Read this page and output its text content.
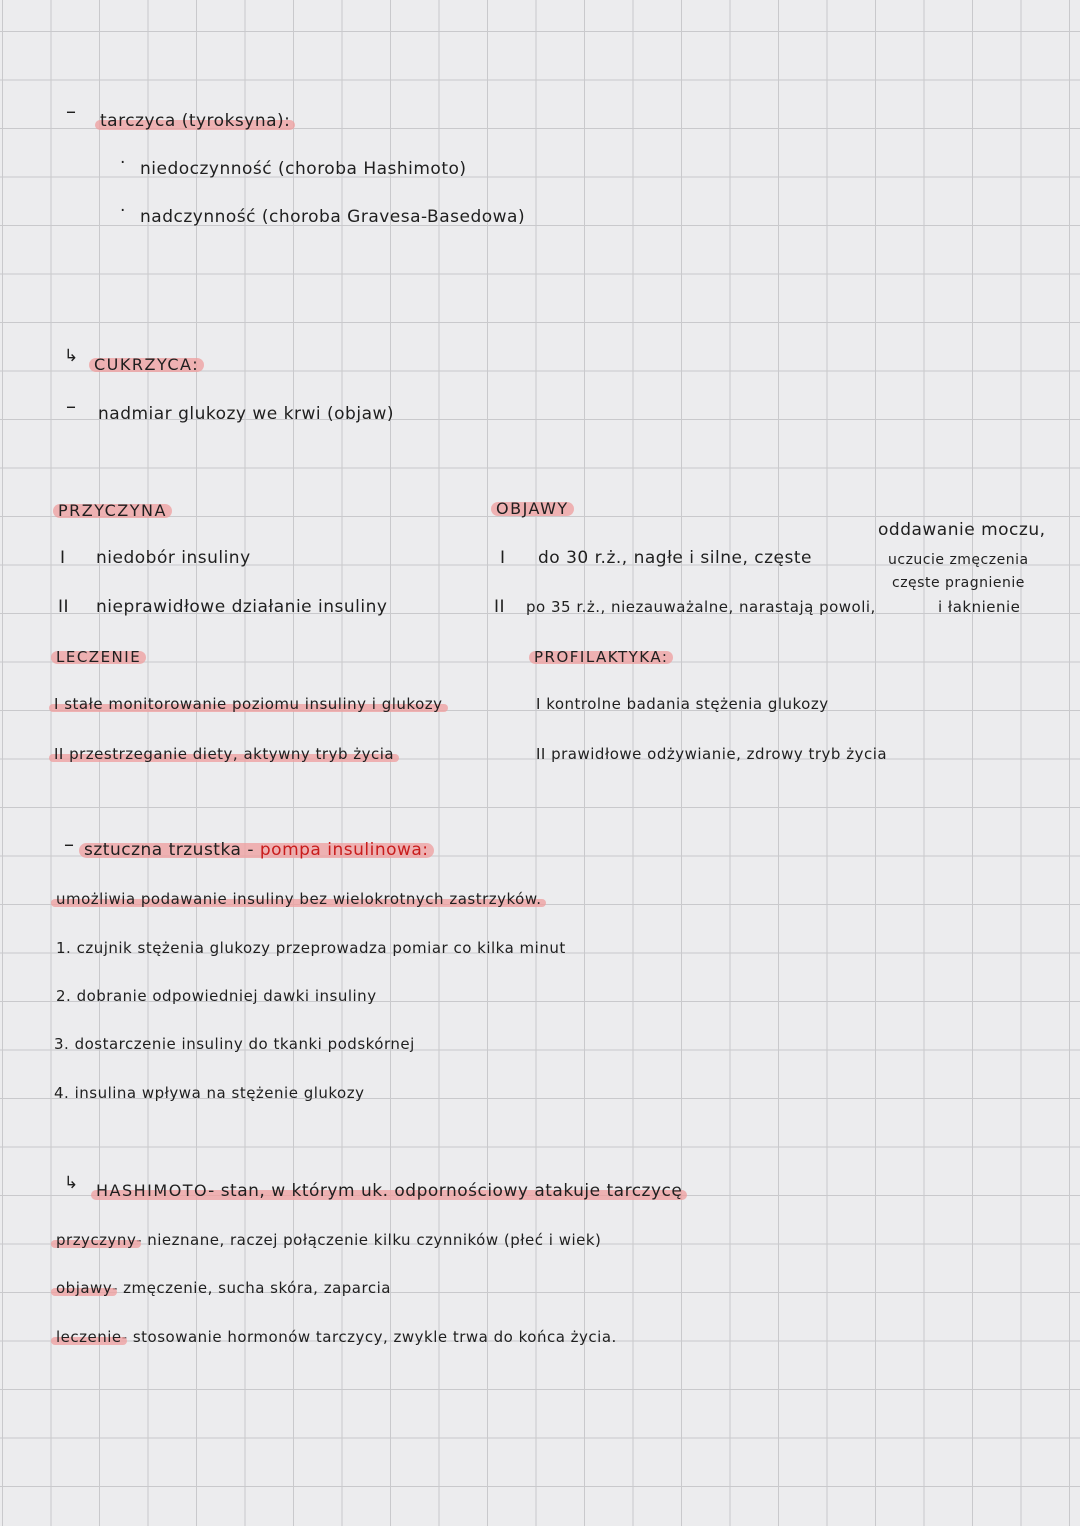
– tarczyca (tyroksyna):
· niedoczynność (choroba Hashimoto)
· nadczynność (choroba Gravesa-Basedowa)
↳ CUKRZYCA:
– nadmiar glukozy we krwi (objaw)
PRZYCZYNA
I niedobór insuliny
II nieprawidłowe działanie insuliny
OBJAWY
I do 30 r.ż., nagłe i silne, częste
II po 35 r.ż., niezauważalne, narastają powoli,
oddawanie moczu,
uczucie zmęczenia
częste pragnienie
i łaknienie
LECZENIE
I stałe monitorowanie poziomu insuliny i glukozy
II przestrzeganie diety, aktywny tryb życia
PROFILAKTYKA:
I kontrolne badania stężenia glukozy
II prawidłowe odżywianie, zdrowy tryb życia
– sztuczna trzustka - pompa insulinowa:
umożliwia podawanie insuliny bez wielokrotnych zastrzyków.
1. czujnik stężenia glukozy przeprowadza pomiar co kilka minut
2. dobranie odpowiedniej dawki insuliny
3. dostarczenie insuliny do tkanki podskórnej
4. insulina wpływa na stężenie glukozy
↳ HASHIMOTO- stan, w którym uk. odpornościowy atakuje tarczycę
przyczyny- nieznane, raczej połączenie kilku czynników (płeć i wiek)
objawy- zmęczenie, sucha skóra, zaparcia
leczenie- stosowanie hormonów tarczycy, zwykle trwa do końca życia.
